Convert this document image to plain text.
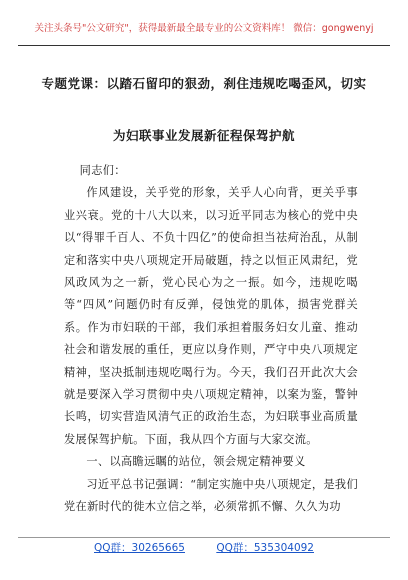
关注头条号"公文研究"，获得最新最全最专业的公文资料库！ 微信：gongwenyj
专题党课：以踏石留印的狠劲，刹住违规吃喝歪风，切实
为妇联事业发展新征程保驾护航

同志们：

作风建设，关乎党的形象，关乎人心向背，更关乎事业兴衰。党的十八大以来，以习近平同志为核心的党中央以“得罪千百人、不负十四亿”的使命担当祛疴治乱，从制定和落实中央八项规定开局破题，持之以恒正风肃纪，党风政风为之一新，党心民心为之一振。如今，违规吃喝等“四风”问题仍时有反弹，侵蚀党的肌体，损害党群关系。作为市妇联的干部，我们承担着服务妇女儿童、推动社会和谐发展的重任，更应以身作则，严守中央八项规定精神，坚决抵制违规吃喝行为。今天，我们召开此次大会就是要深入学习贯彻中央八项规定精神，以案为鉴，警钟长鸣，切实营造风清气正的政治生态，为妇联事业高质量发展保驾护航。下面，我从四个方面与大家交流。

一、以高瞻远瞩的站位，领会规定精神要义

习近平总书记强调：“制定实施中央八项规定，是我们党在新时代的徙木立信之举，必须常抓不懈、久久为功

QQ群：30265665	QQ群：535304092
